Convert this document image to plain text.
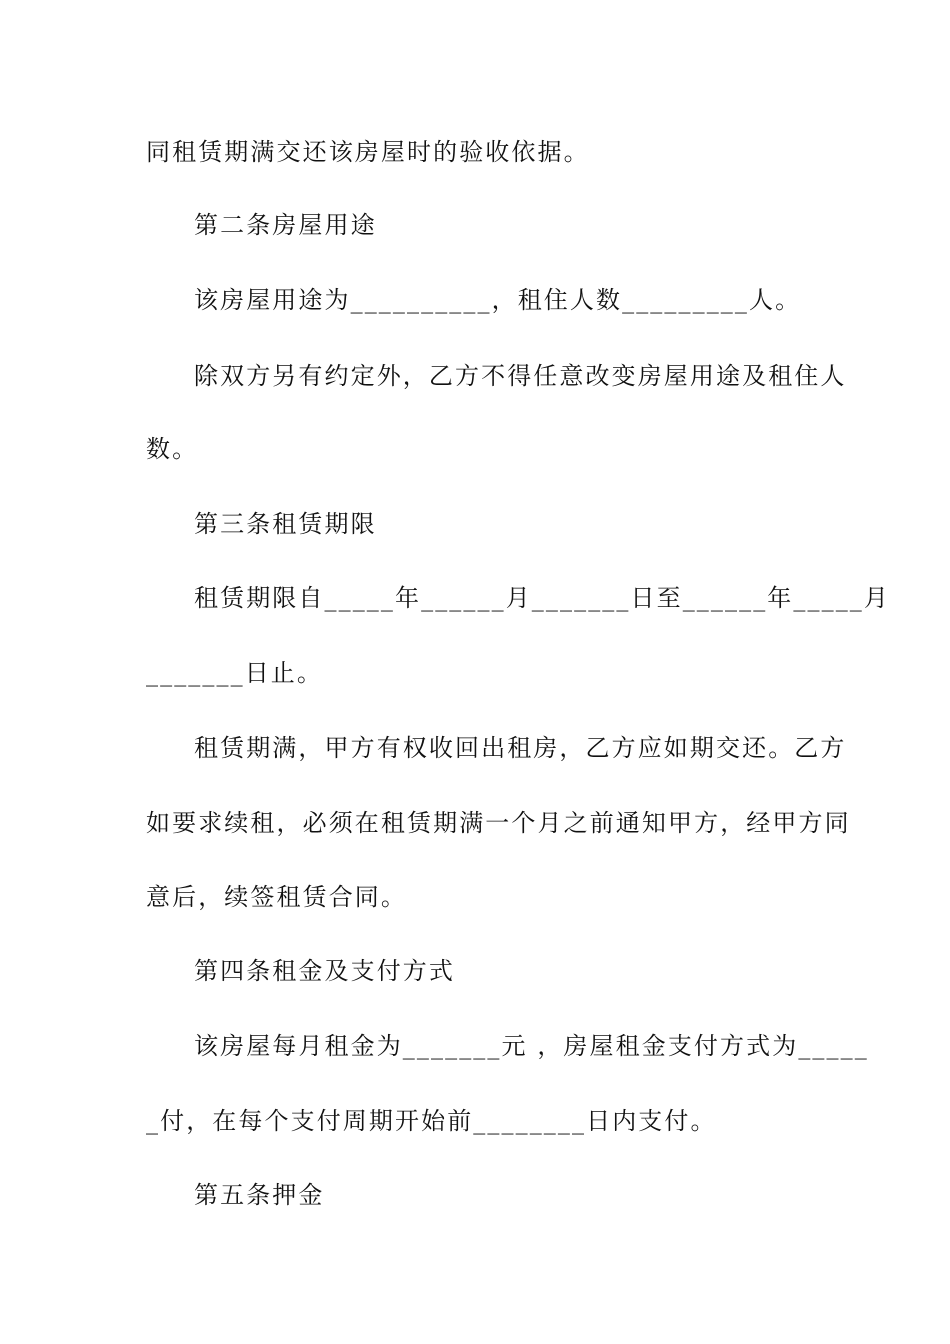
同租赁期满交还该房屋时的验收依据。
第二条房屋用途
该房屋用途为__________，租住人数_________人。
除双方另有约定外，乙方不得任意改变房屋用途及租住人
数。
第三条租赁期限
租赁期限自_____年______月_______日至______年_____月
_______日止。
租赁期满，甲方有权收回出租房，乙方应如期交还。乙方
如要求续租，必须在租赁期满一个月之前通知甲方，经甲方同
意后，续签租赁合同。
第四条租金及支付方式
该房屋每月租金为_______元 ，房屋租金支付方式为_____
_付，在每个支付周期开始前________日内支付。
第五条押金
